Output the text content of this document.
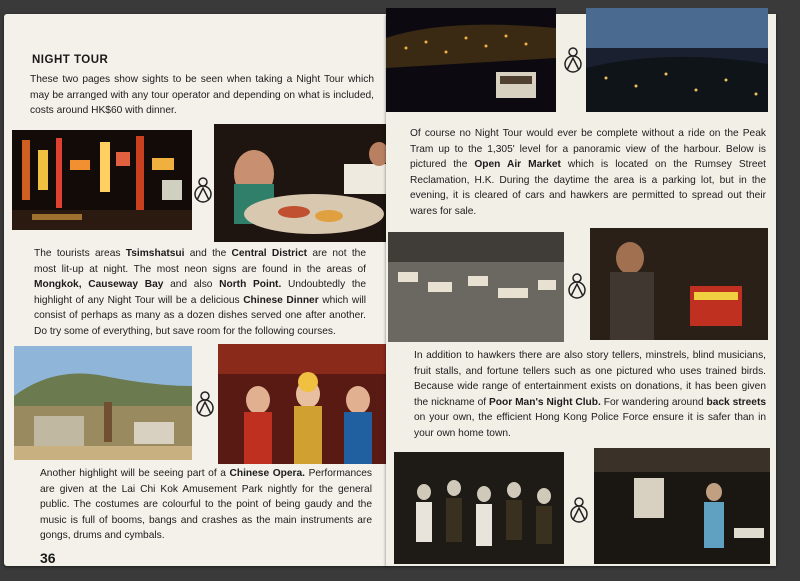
NIGHT TOUR
These two pages show sights to be seen when taking a Night Tour which may be arranged with any tour operator and depending on what is included, costs around HK$60 with dinner.
The tourists areas Tsimshatsui and the Central District are not the most lit-up at night. The most neon signs are found in the areas of Mongkok, Causeway Bay and also North Point. Undoubtedly the highlight of any Night Tour will be a delicious Chinese Dinner which will consist of perhaps as many as a dozen dishes served one after another. Do try some of everything, but save room for the following courses.
Another highlight will be seeing part of a Chinese Opera. Performances are given at the Lai Chi Kok Amusement Park nightly for the general public. The costumes are colourful to the point of being gaudy and the music is full of booms, bangs and crashes as the main instruments are gongs, drums and cymbals.
36
Of course no Night Tour would ever be complete without a ride on the Peak Tram up to the 1,305' level for a panoramic view of the harbour. Below is pictured the Open Air Market which is located on the Rumsey Street Reclamation, H.K. During the daytime the area is a parking lot, but in the evening, it is cleared of cars and hawkers are permitted to spread out their wares for sale.
In addition to hawkers there are also story tellers, minstrels, blind musicians, fruit stalls, and fortune tellers such as one pictured who uses trained birds. Because wide range of entertainment exists on donations, it has been given the nickname of Poor Man's Night Club. For wandering around back streets on your own, the efficient Hong Kong Police Force ensure it is safer than in your own home town.
